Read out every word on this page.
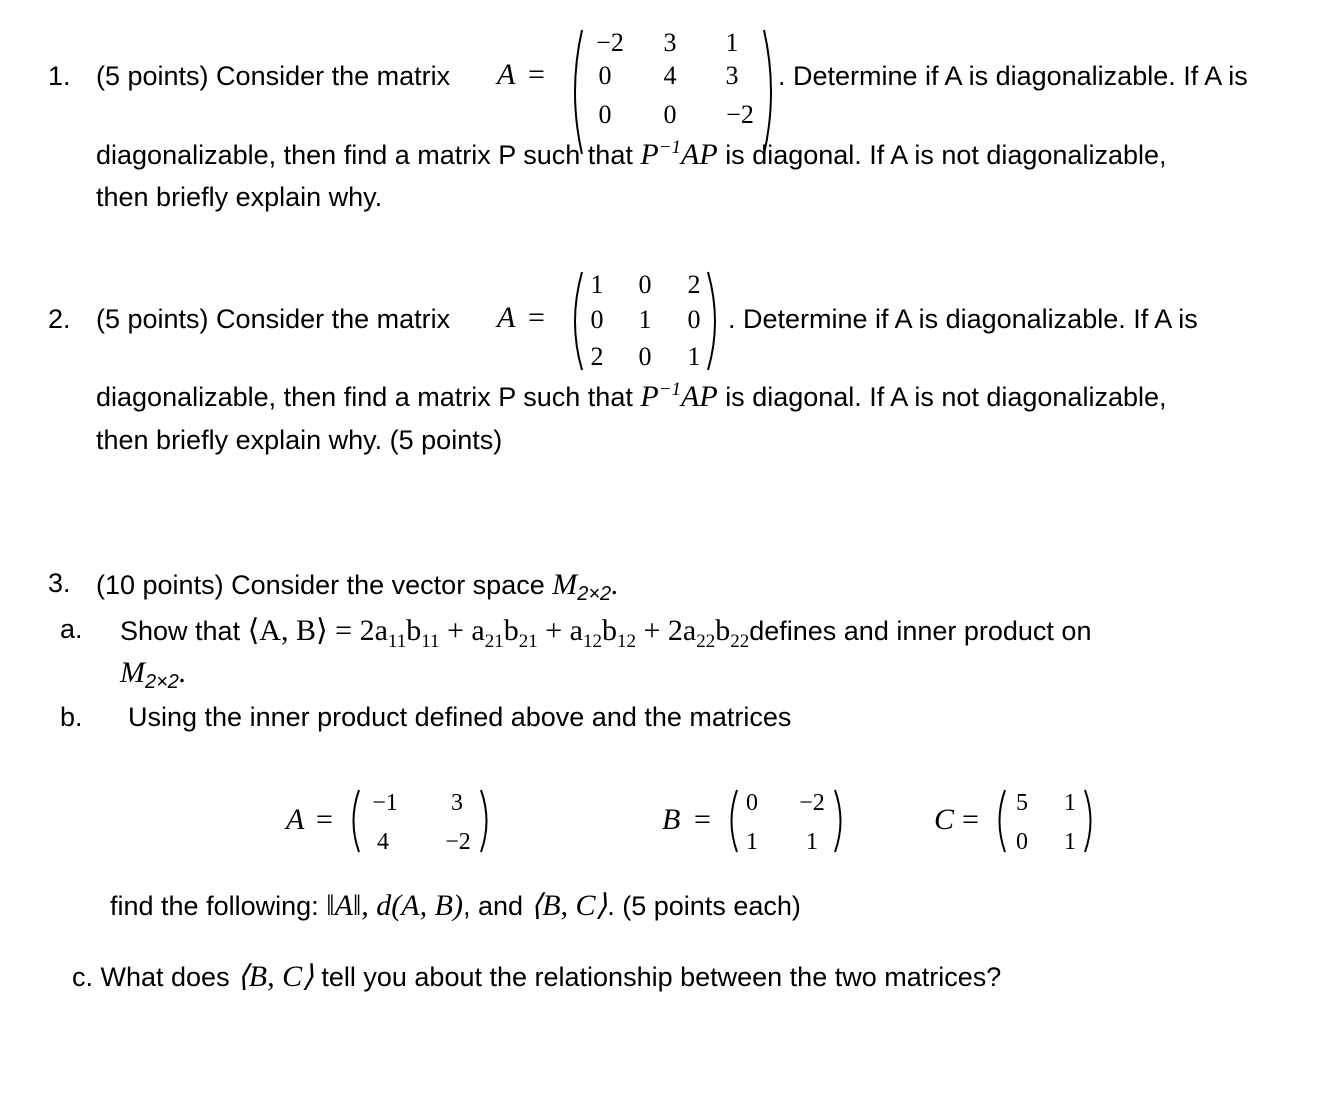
1. (5 points) Consider the matrix A =
−2 3 1
0 4 3
0 0 −2
. Determine if A is diagonalizable. If A is
diagonalizable, then find a matrix P such that $P^{-1}AP$ is diagonal. If A is not diagonalizable,
then briefly explain why.
2. (5 points) Consider the matrix A =
1 0 2
0 1 0
2 0 1
. Determine if A is diagonalizable. If A is
diagonalizable, then find a matrix P such that $P^{-1}AP$ is diagonal. If A is not diagonalizable,
then briefly explain why. (5 points)
3. (10 points) Consider the vector space $M_{2\times 2}$.
a. Show that ⟨A, B⟩ = $2a_{11}b_{11} + a_{21}b_{21} + a_{12}b_{12}$ + $2a_{22}b_{22}defines$ and inner product on
$M_{2\times 2}$.
b. Using the inner product defined above and the matrices
A = −1 3
4 −2
B = 0 −2
1 1
C = 5 1
0 1
find the following: ‖A‖, d(A, B), and ⟨B, C⟩. (5 points each)
c. What does ⟨B, C⟩ tell you about the relationship between the two matrices?
